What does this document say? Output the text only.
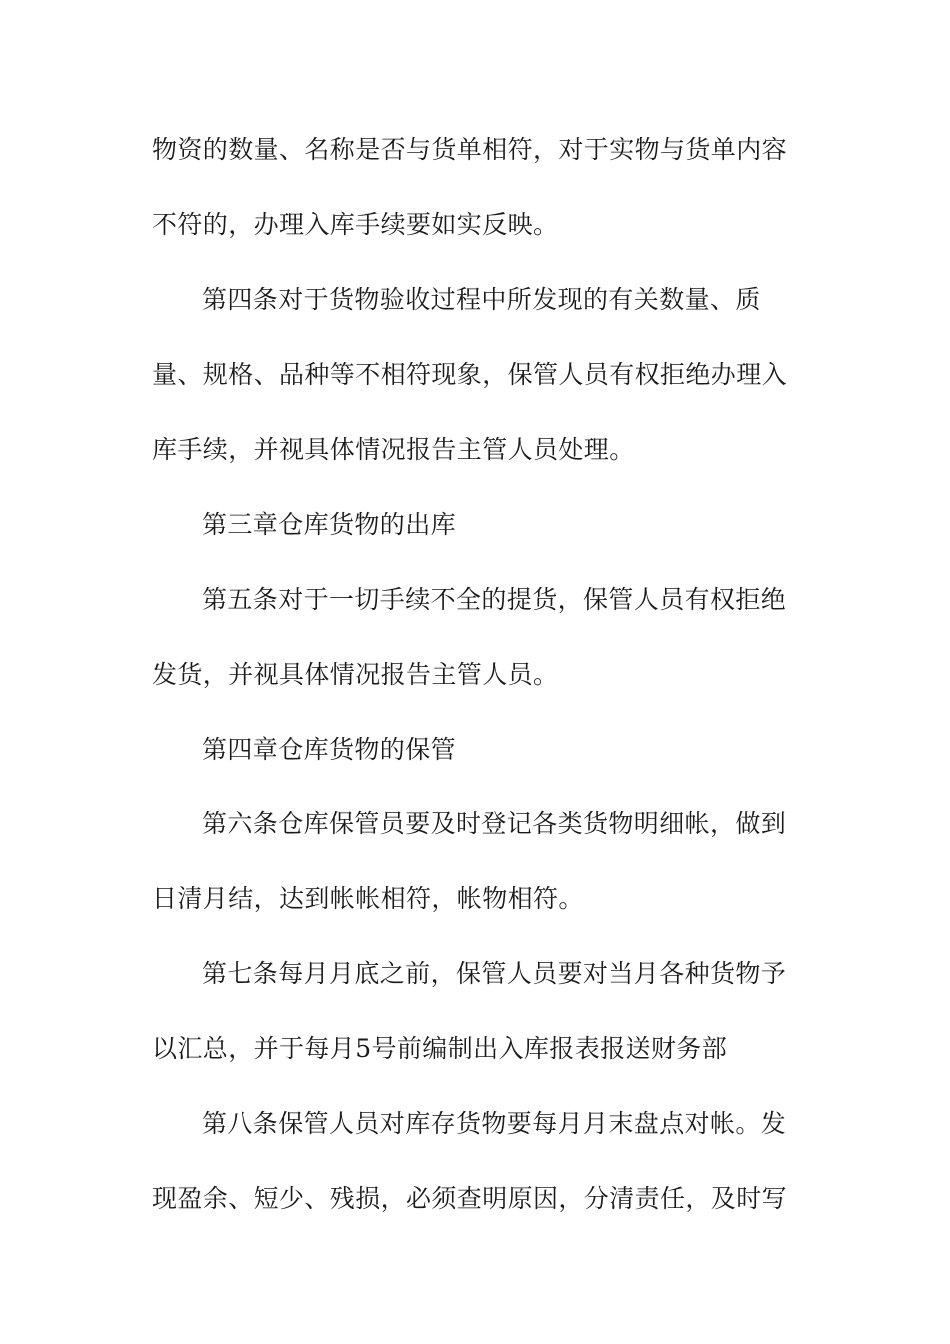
物资的数量、名称是否与货单相符，对于实物与货单内容

不符的，办理入库手续要如实反映。

第四条对于货物验收过程中所发现的有关数量、质

量、规格、品种等不相符现象，保管人员有权拒绝办理入

库手续，并视具体情况报告主管人员处理。

第三章仓库货物的出库

第五条对于一切手续不全的提货，保管人员有权拒绝

发货，并视具体情况报告主管人员。

第四章仓库货物的保管

第六条仓库保管员要及时登记各类货物明细帐，做到

日清月结，达到帐帐相符，帐物相符。

第七条每月月底之前，保管人员要对当月各种货物予

以汇总，并于每月5号前编制出入库报表报送财务部

第八条保管人员对库存货物要每月月末盘点对帐。发

现盈余、短少、残损，必须查明原因，分清责任，及时写
